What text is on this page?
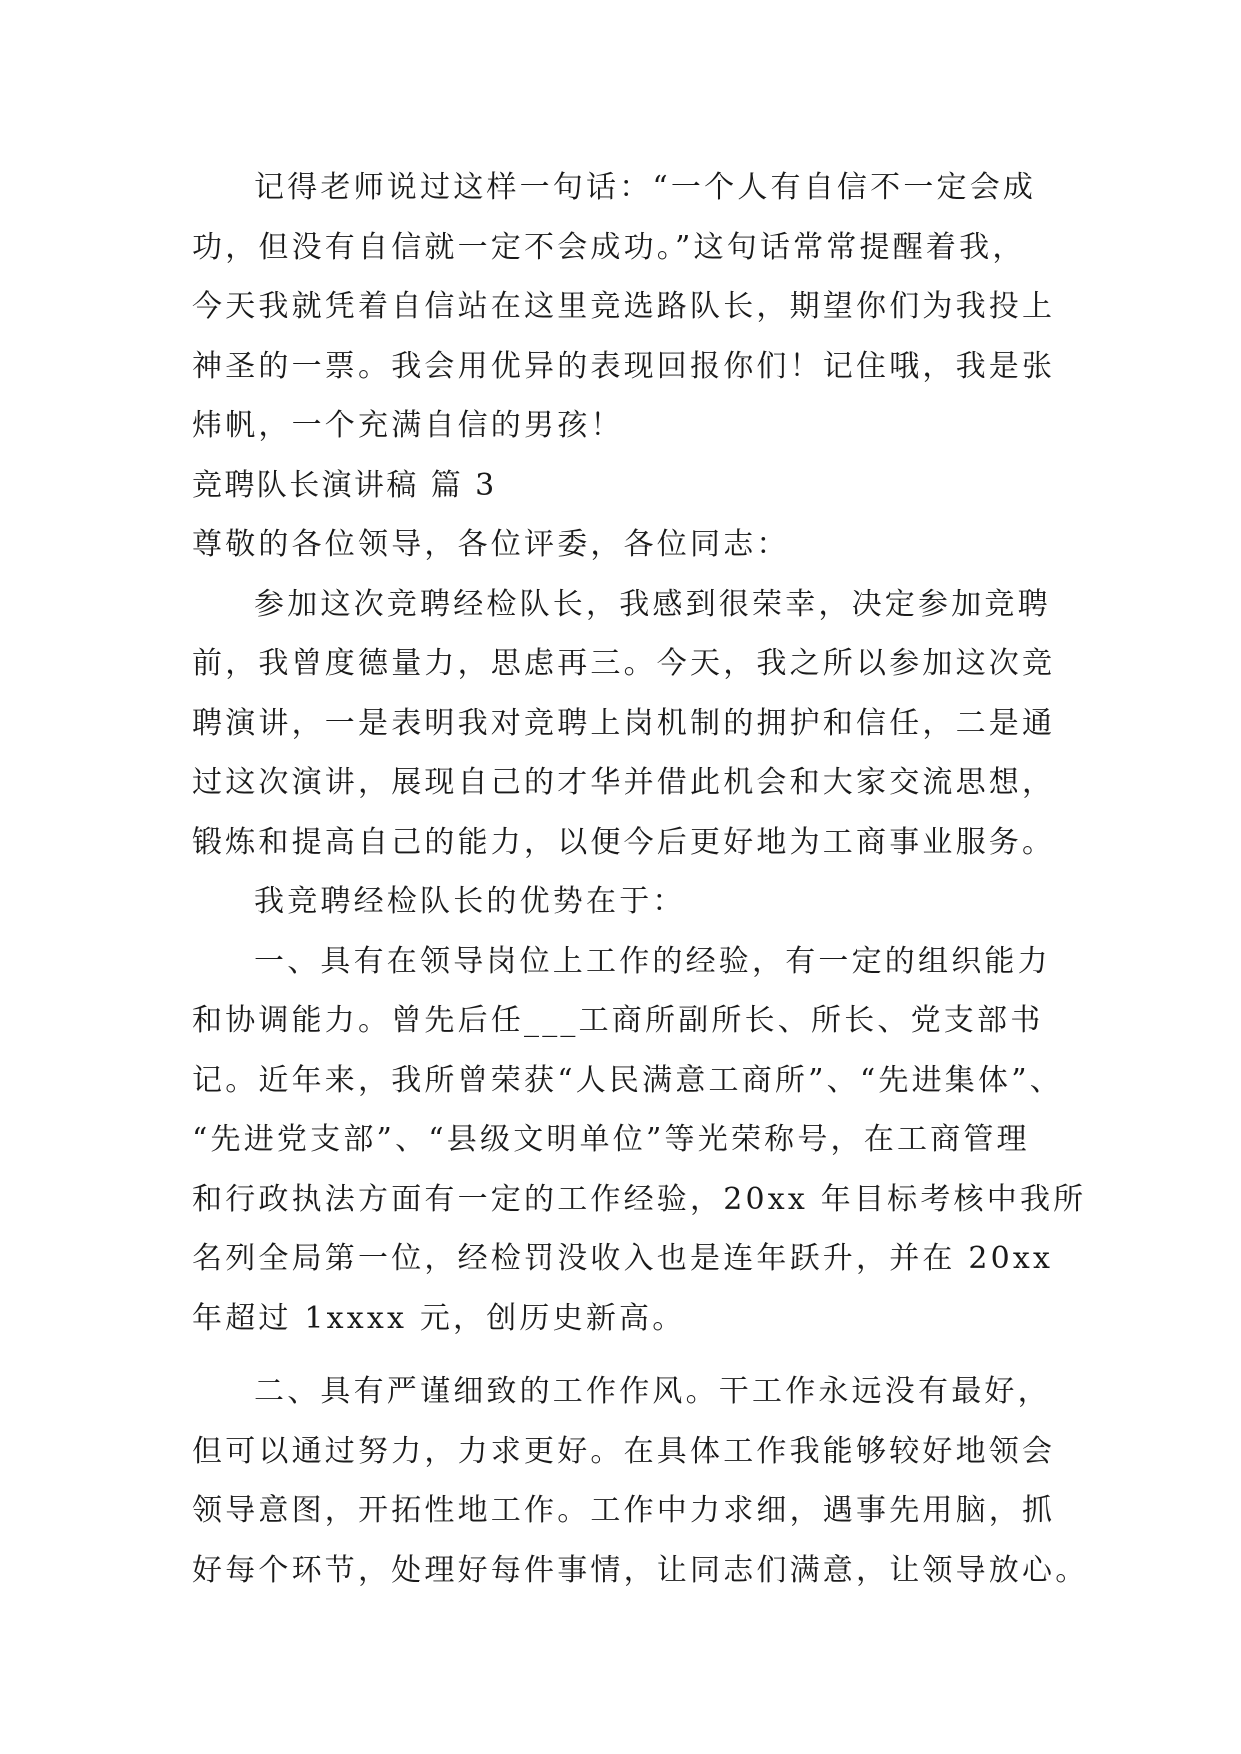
记得老师说过这样一句话：“一个人有自信不一定会成
功，但没有自信就一定不会成功。”这句话常常提醒着我，
今天我就凭着自信站在这里竞选路队长，期望你们为我投上
神圣的一票。我会用优异的表现回报你们！记住哦，我是张
炜帆，一个充满自信的男孩！
竞聘队长演讲稿 篇 3
尊敬的各位领导，各位评委，各位同志：
参加这次竞聘经检队长，我感到很荣幸，决定参加竞聘
前，我曾度德量力，思虑再三。今天，我之所以参加这次竞
聘演讲，一是表明我对竞聘上岗机制的拥护和信任，二是通
过这次演讲，展现自己的才华并借此机会和大家交流思想，
锻炼和提高自己的能力，以便今后更好地为工商事业服务。
我竞聘经检队长的优势在于：
一、具有在领导岗位上工作的经验，有一定的组织能力
和协调能力。曾先后任___工商所副所长、所长、党支部书
记。近年来，我所曾荣获“人民满意工商所”、“先进集体”、
“先进党支部”、“县级文明单位”等光荣称号，在工商管理
和行政执法方面有一定的工作经验，20xx 年目标考核中我所
名列全局第一位，经检罚没收入也是连年跃升，并在 20xx
年超过 1xxxx 元，创历史新高。
二、具有严谨细致的工作作风。干工作永远没有最好，
但可以通过努力，力求更好。在具体工作我能够较好地领会
领导意图，开拓性地工作。工作中力求细，遇事先用脑，抓
好每个环节，处理好每件事情，让同志们满意，让领导放心。
